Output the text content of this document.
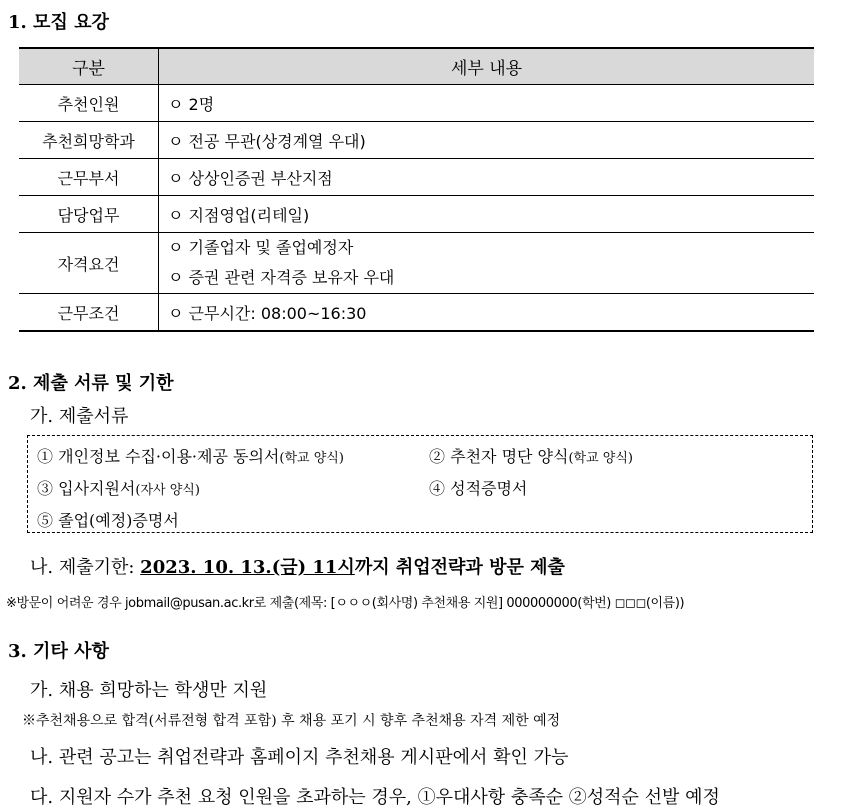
1. 모집 요강
구분	세부 내용
추천인원	ㅇ 2명
추천희망학과	ㅇ 전공 무관(상경계열 우대)
근무부서	ㅇ 상상인증권 부산지점
담당업무	ㅇ 지점영업(리테일)
자격요건	ㅇ 기졸업자 및 졸업예정자
ㅇ 증권 관련 자격증 보유자 우대

근무조건	ㅇ 근무시간: 08:00~16:30
2. 제출 서류 및 기한
가. 제출서류
① 개인정보 수집·이용·제공 동의서(학교 양식)	② 추천자 명단 양식(학교 양식)
③ 입사지원서(자사 양식)	④ 성적증명서
⑤ 졸업(예정)증명서
나. 제출기한: 2023. 10. 13.(금) 11시까지 취업전략과 방문 제출
※방문이 어려운 경우 jobmail@pusan.ac.kr로 제출(제목: [ㅇㅇㅇ(회사명) 추천채용 지원] 000000000(학번) ◻◻◻(이름))
3. 기타 사항
가. 채용 희망하는 학생만 지원
※추천채용으로 합격(서류전형 합격 포함) 후 채용 포기 시 향후 추천채용 자격 제한 예정
나. 관련 공고는 취업전략과 홈페이지 추천채용 게시판에서 확인 가능
다. 지원자 수가 추천 요청 인원을 초과하는 경우, ①우대사항 충족순 ②성적순 선발 예정
